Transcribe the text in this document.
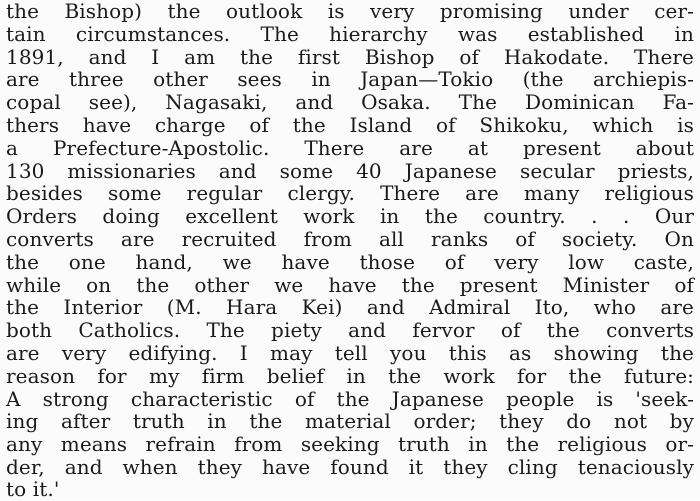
the Bishop) the outlook is very promising under cer-
tain circumstances. The hierarchy was established in
1891, and I am the first Bishop of Hakodate. There
are three other sees in Japan—Tokio (the archiepis-
copal see), Nagasaki, and Osaka. The Dominican Fa-
thers have charge of the Island of Shikoku, which is
a Prefecture-Apostolic. There are at present about
130 missionaries and some 40 Japanese secular priests,
besides some regular clergy. There are many religious
Orders doing excellent work in the country. . . Our
converts are recruited from all ranks of society. On
the one hand, we have those of very low caste,
while on the other we have the present Minister of
the Interior (M. Hara Kei) and Admiral Ito, who are
both Catholics. The piety and fervor of the converts
are very edifying. I may tell you this as showing the
reason for my firm belief in the work for the future:
A strong characteristic of the Japanese people is 'seek-
ing after truth in the material order; they do not by
any means refrain from seeking truth in the religious or-
der, and when they have found it they cling tenaciously
to it.'
